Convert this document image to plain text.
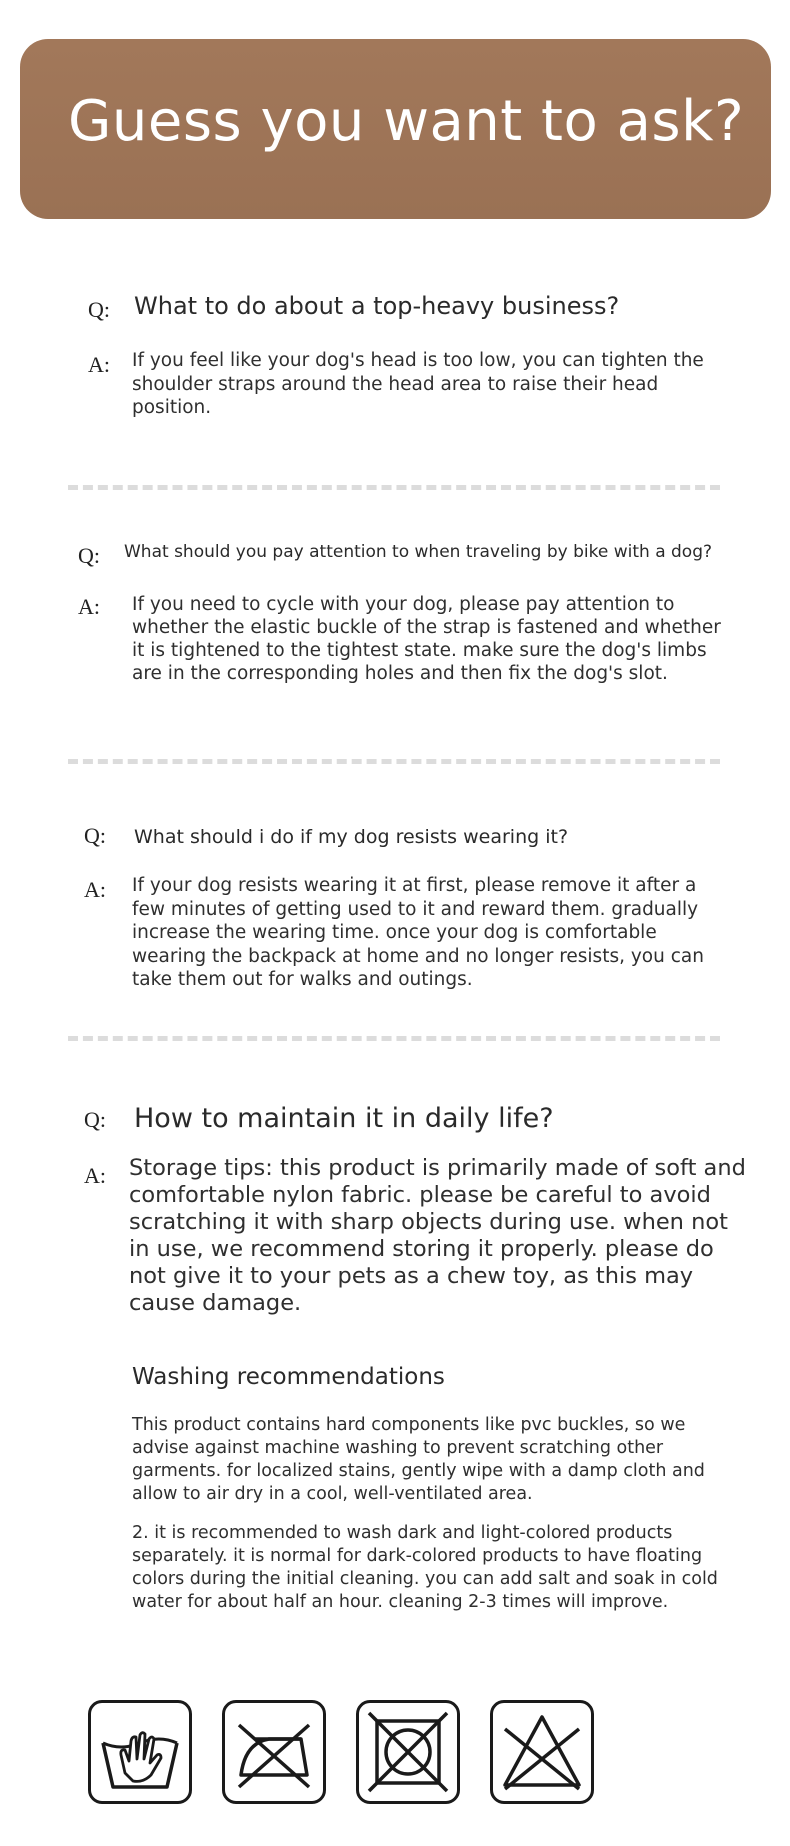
Guess you want to ask?
Q: What to do about a top-heavy business?
A: If you feel like your dog's head is too low, you can tighten the shoulder straps around the head area to raise their head position.
Q: What should you pay attention to when traveling by bike with a dog?
A: If you need to cycle with your dog, please pay attention to whether the elastic buckle of the strap is fastened and whether it is tightened to the tightest state. make sure the dog's limbs are in the corresponding holes and then fix the dog's slot.
Q: What should i do if my dog resists wearing it?
A: If your dog resists wearing it at first, please remove it after a few minutes of getting used to it and reward them. gradually increase the wearing time. once your dog is comfortable wearing the backpack at home and no longer resists, you can take them out for walks and outings.
Q: How to maintain it in daily life?
A: Storage tips: this product is primarily made of soft and comfortable nylon fabric. please be careful to avoid scratching it with sharp objects during use. when not in use, we recommend storing it properly. please do not give it to your pets as a chew toy, as this may cause damage.
Washing recommendations
This product contains hard components like pvc buckles, so we advise against machine washing to prevent scratching other garments. for localized stains, gently wipe with a damp cloth and allow to air dry in a cool, well-ventilated area.
2. it is recommended to wash dark and light-colored products separately. it is normal for dark-colored products to have floating colors during the initial cleaning. you can add salt and soak in cold water for about half an hour. cleaning 2-3 times will improve.
